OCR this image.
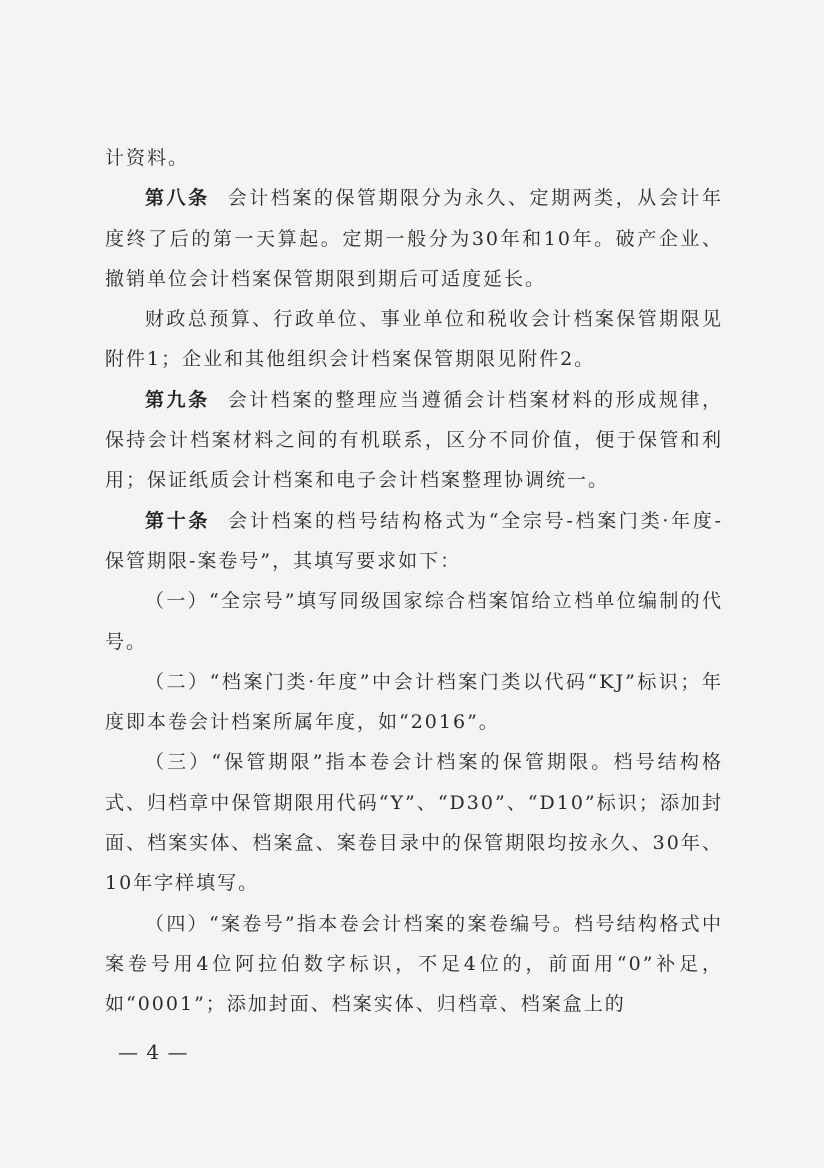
计资料。

第八条 会计档案的保管期限分为永久、定期两类，从会计年度终了后的第一天算起。定期一般分为30年和10年。破产企业、撤销单位会计档案保管期限到期后可适度延长。

财政总预算、行政单位、事业单位和税收会计档案保管期限见附件1；企业和其他组织会计档案保管期限见附件2。

第九条 会计档案的整理应当遵循会计档案材料的形成规律，保持会计档案材料之间的有机联系，区分不同价值，便于保管和利用；保证纸质会计档案和电子会计档案整理协调统一。

第十条 会计档案的档号结构格式为“全宗号-档案门类·年度-保管期限-案卷号”，其填写要求如下：

（一）“全宗号”填写同级国家综合档案馆给立档单位编制的代号。

（二）“档案门类·年度”中会计档案门类以代码“KJ”标识；年度即本卷会计档案所属年度，如“2016”。

（三）“保管期限”指本卷会计档案的保管期限。档号结构格式、归档章中保管期限用代码“Y”、“D30”、“D10”标识；添加封面、档案实体、档案盒、案卷目录中的保管期限均按永久、30年、10年字样填写。

（四）“案卷号”指本卷会计档案的案卷编号。档号结构格式中案卷号用4位阿拉伯数字标识，不足4位的，前面用“0”补足，如“0001”；添加封面、档案实体、归档章、档案盒上的

— 4 —
